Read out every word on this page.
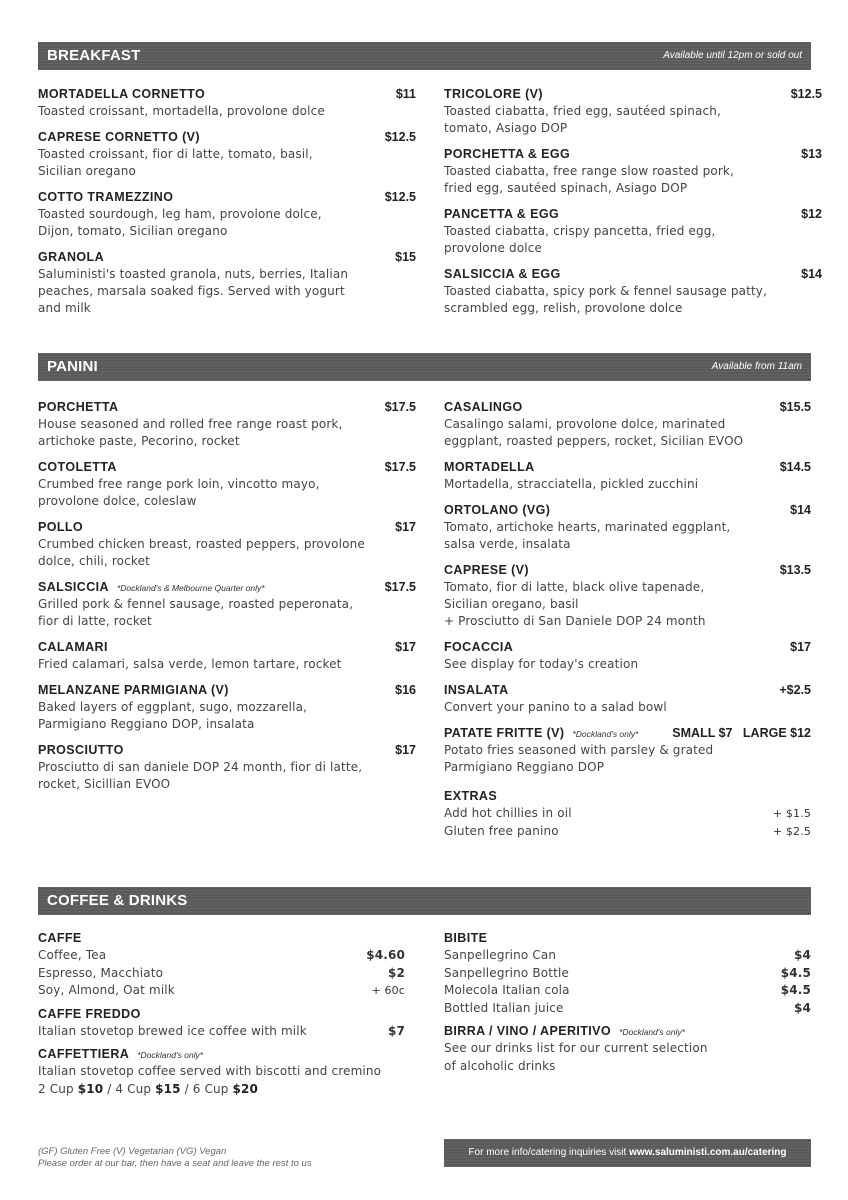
BREAKFAST	Available until 12pm or sold out
MORTADELLA CORNETTO	$11
Toasted croissant, mortadella, provolone dolce
CAPRESE CORNETTO (V)	$12.5
Toasted croissant, fior di latte, tomato, basil,
Sicilian oregano
COTTO TRAMEZZINO	$12.5
Toasted sourdough, leg ham, provolone dolce,
Dijon, tomato, Sicilian oregano
GRANOLA	$15
Saluministi's toasted granola, nuts, berries, Italian
peaches, marsala soaked figs. Served with yogurt
and milk
TRICOLORE (V)	$12.5
Toasted ciabatta, fried egg, sautéed spinach,
tomato, Asiago DOP
PORCHETTA & EGG	$13
Toasted ciabatta, free range slow roasted pork,
fried egg, sautéed spinach, Asiago DOP
PANCETTA & EGG	$12
Toasted ciabatta, crispy pancetta, fried egg,
provolone dolce
SALSICCIA & EGG	$14
Toasted ciabatta, spicy pork & fennel sausage patty,
scrambled egg, relish, provolone dolce
PANINI	Available from 11am
PORCHETTA	$17.5
House seasoned and rolled free range roast pork,
artichoke paste, Pecorino, rocket
COTOLETTA	$17.5
Crumbed free range pork loin, vincotto mayo,
provolone dolce, coleslaw
POLLO	$17
Crumbed chicken breast, roasted peppers, provolone
dolce, chili, rocket
SALSICCIA *Dockland's & Melbourne Quarter only*	$17.5
Grilled pork & fennel sausage, roasted peperonata,
fior di latte, rocket
CALAMARI	$17
Fried calamari, salsa verde, lemon tartare, rocket
MELANZANE PARMIGIANA (V)	$16
Baked layers of eggplant, sugo, mozzarella,
Parmigiano Reggiano DOP, insalata
PROSCIUTTO	$17
Prosciutto di san daniele DOP 24 month, fior di latte,
rocket, Sicillian EVOO
CASALINGO	$15.5
Casalingo salami, provolone dolce, marinated
eggplant, roasted peppers, rocket, Sicilian EVOO
MORTADELLA	$14.5
Mortadella, stracciatella, pickled zucchini
ORTOLANO (VG)	$14
Tomato, artichoke hearts, marinated eggplant,
salsa verde, insalata
CAPRESE (V)	$13.5
Tomato, fior di latte, black olive tapenade,
Sicilian oregano, basil
+ Prosciutto di San Daniele DOP 24 month
FOCACCIA	$17
See display for today's creation
INSALATA	+$2.5
Convert your panino to a salad bowl
PATATE FRITTE (V) *Dockland's only*	SMALL $7   LARGE $12
Potato fries seasoned with parsley & grated
Parmigiano Reggiano DOP
EXTRAS
Add hot chillies in oil	+ $1.5
Gluten free panino	+ $2.5
COFFEE & DRINKS
CAFFE
Coffee, Tea	$4.60
Espresso, Macchiato	$2
Soy, Almond, Oat milk	+ 60c
CAFFE FREDDO
Italian stovetop brewed ice coffee with milk	$7
CAFFETTIERA *Dockland's only*
Italian stovetop coffee served with biscotti and cremino
2 Cup $10 / 4 Cup $15 / 6 Cup $20
BIBITE
Sanpellegrino Can	$4
Sanpellegrino Bottle	$4.5
Molecola Italian cola	$4.5
Bottled Italian juice	$4
BIRRA / VINO / APERITIVO *Dockland's only*
See our drinks list for our current selection
of alcoholic drinks
(GF) Gluten Free (V) Vegetarian (VG) Vegan
Please order at our bar, then have a seat and leave the rest to us
For more info/catering inquiries visit www.saluministi.com.au/catering
